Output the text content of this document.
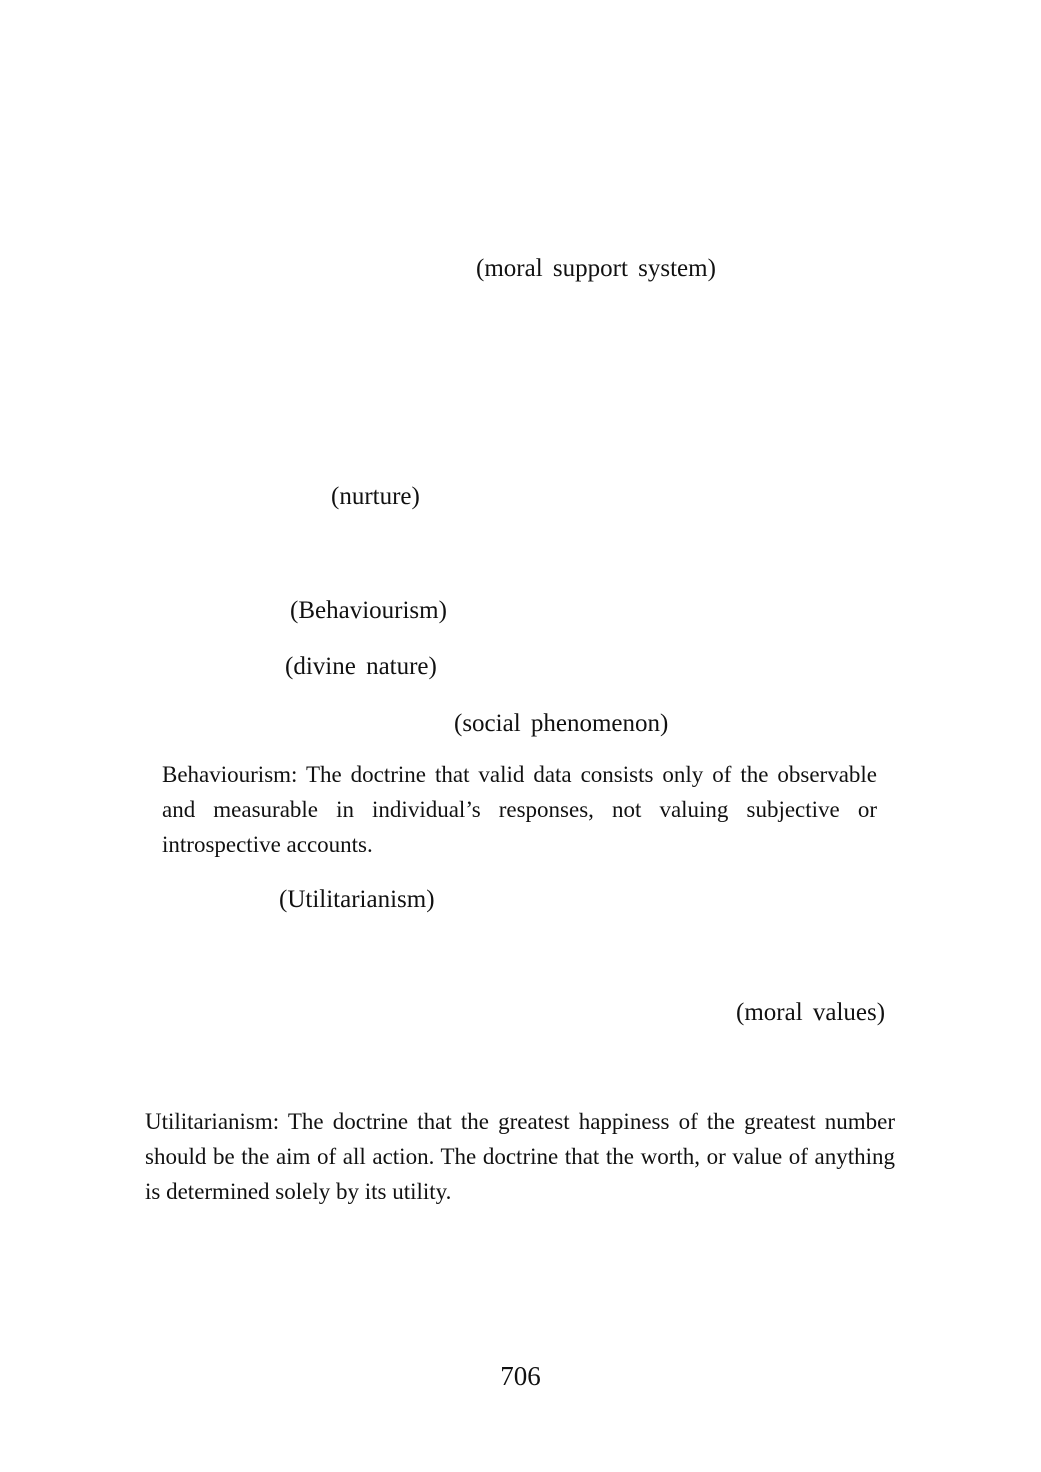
(moral support system)
(nurture)
(Behaviourism)
(divine nature)
(social phenomenon)

Behaviourism: The doctrine that valid data consists only of the observable and measurable in individual’s responses, not valuing subjective or introspective accounts.

(Utilitarianism)
(moral values)

Utilitarianism: The doctrine that the greatest happiness of the greatest number should be the aim of all action. The doctrine that the worth, or value of anything is determined solely by its utility.

706
